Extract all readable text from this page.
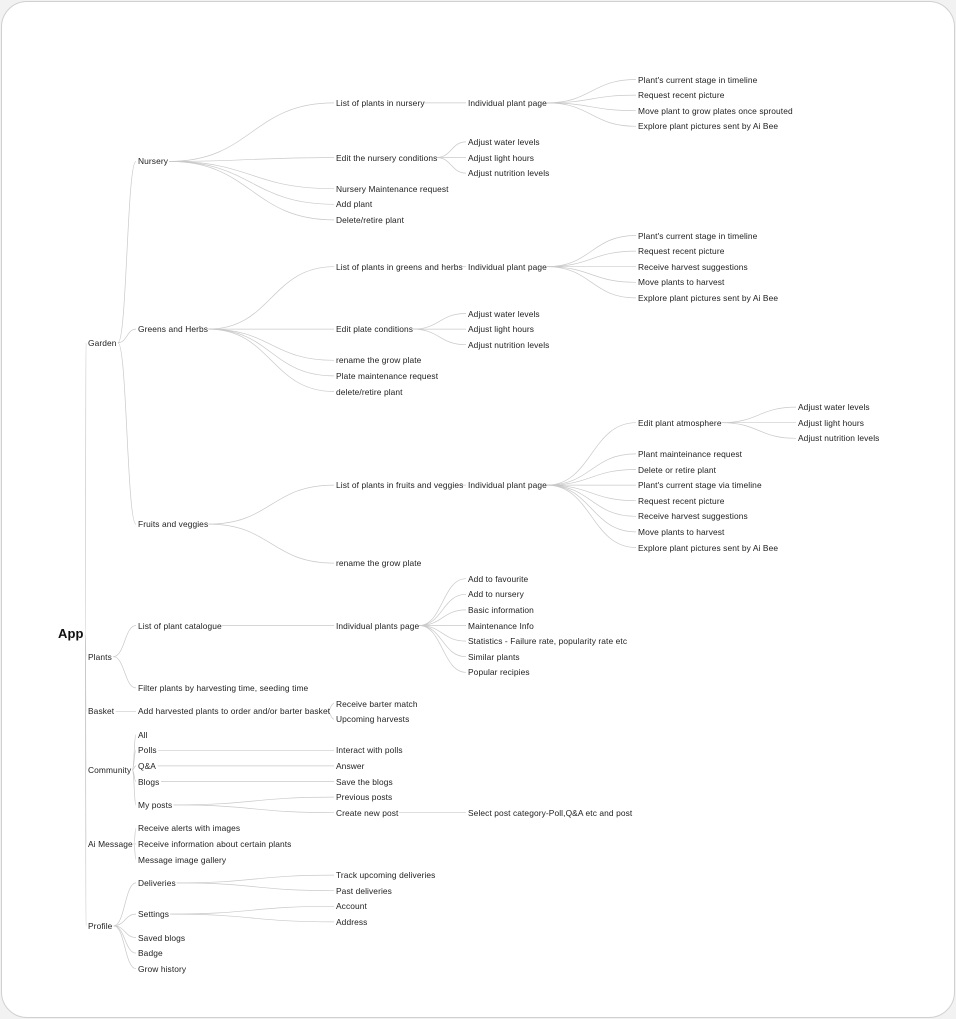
App
Garden
Nursery
List of plants in nursery	Individual plant page
Plant's current stage in timeline
Request recent picture
Move plant to grow plates once sprouted
Explore plant pictures sent by Ai Bee
Edit the nursery conditions
Adjust water levels
Adjust light hours
Adjust nutrition levels
Nursery Maintenance request
Add plant
Delete/retire plant
Greens and Herbs
List of plants in greens and herbs Individual plant page
Plant's current stage in timeline
Request recent picture
Receive harvest suggestions
Move plants to harvest
Explore plant pictures sent by Ai Bee
Edit plate conditions
Adjust water levels
Adjust light hours
Adjust nutrition levels
rename the grow plate
Plate maintenance request
delete/retire plant
Fruits and veggies
List of plants in fruits and veggies Individual plant page
Edit plant atmosphere
Adjust water levels
Adjust light hours
Adjust nutrition levels
Plant mainteinance request
Delete or retire plant
Plant's current stage via timeline
Request recent picture
Receive harvest suggestions
Move plants to harvest
Explore plant pictures sent by Ai Bee
rename the grow plate
Plants
List of plant catalogue	Individual plants page
Add to favourite
Add to nursery
Basic information
Maintenance Info
Statistics - Failure rate, popularity rate etc
Similar plants
Popular recipies
Filter plants by harvesting time, seeding time
Basket	Add harvested plants to order and/or barter basket
Receive barter match
Upcoming harvests
Community
All
Polls	Interact with polls
Q&A	Answer
Blogs	Save the blogs
My posts
Previous posts
Create new post	Select post category-Poll,Q&A etc and post
Ai Message
Receive alerts with images
Receive information about certain plants
Message image gallery
Profile
Deliveries
Track upcoming deliveries
Past deliveries
Settings
Account
Address
Saved blogs
Badge
Grow history
